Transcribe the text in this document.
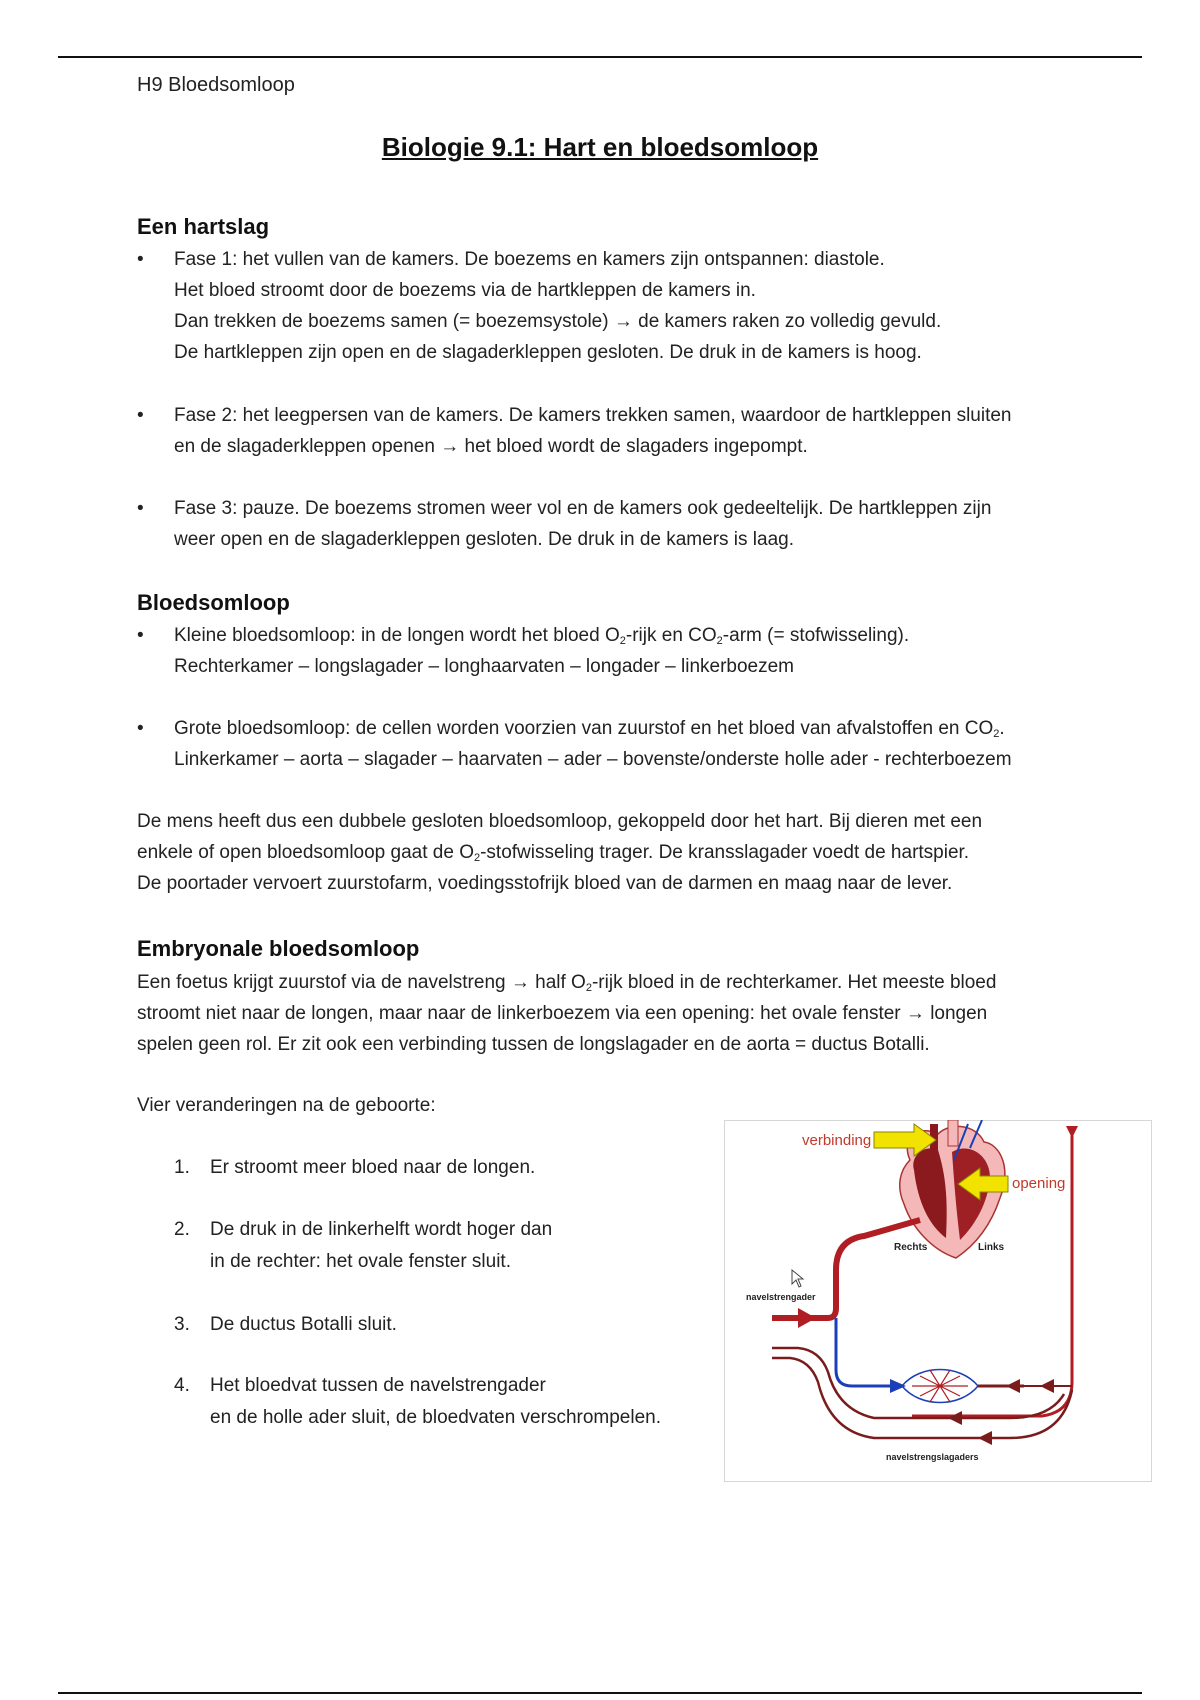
H9 Bloedsomloop
Biologie 9.1: Hart en bloedsomloop
Een hartslag
• Fase 1: het vullen van de kamers. De boezems en kamers zijn ontspannen: diastole.
Het bloed stroomt door de boezems via de hartkleppen de kamers in.
Dan trekken de boezems samen (= boezemsystole) → de kamers raken zo volledig gevuld.
De hartkleppen zijn open en de slagaderkleppen gesloten. De druk in de kamers is hoog.
• Fase 2: het leegpersen van de kamers. De kamers trekken samen, waardoor de hartkleppen sluiten
en de slagaderkleppen openen → het bloed wordt de slagaders ingepompt.
• Fase 3: pauze. De boezems stromen weer vol en de kamers ook gedeeltelijk. De hartkleppen zijn
weer open en de slagaderkleppen gesloten. De druk in de kamers is laag.
Bloedsomloop
• Kleine bloedsomloop: in de longen wordt het bloed $O_2$-rijk en $CO_2$-arm (= stofwisseling).
Rechterkamer – longslagader – longhaarvaten – longader – linkerboezem
• Grote bloedsomloop: de cellen worden voorzien van zuurstof en het bloed van afvalstoffen en $CO_2$.
Linkerkamer – aorta – slagader – haarvaten – ader – bovenste/onderste holle ader - rechterboezem
De mens heeft dus een dubbele gesloten bloedsomloop, gekoppeld door het hart. Bij dieren met een
enkele of open bloedsomloop gaat de $O_2$-stofwisseling trager. De kransslagader voedt de hartspier.
De poortader vervoert zuurstofarm, voedingsstofrijk bloed van de darmen en maag naar de lever.
Embryonale bloedsomloop
Een foetus krijgt zuurstof via de navelstreng → half $O_2$-rijk bloed in de rechterkamer. Het meeste bloed
stroomt niet naar de longen, maar naar de linkerboezem via een opening: het ovale fenster → longen
spelen geen rol. Er zit ook een verbinding tussen de longslagader en de aorta = ductus Botalli.
Vier veranderingen na de geboorte:
1. Er stroomt meer bloed naar de longen.
2. De druk in de linkerhelft wordt hoger dan
in de rechter: het ovale fenster sluit.
3. De ductus Botalli sluit.
4. Het bloedvat tussen de navelstrengader
en de holle ader sluit, de bloedvaten verschrompelen.
verbinding
opening
Rechts	Links
navelstrengader
navelstrengslagaders
